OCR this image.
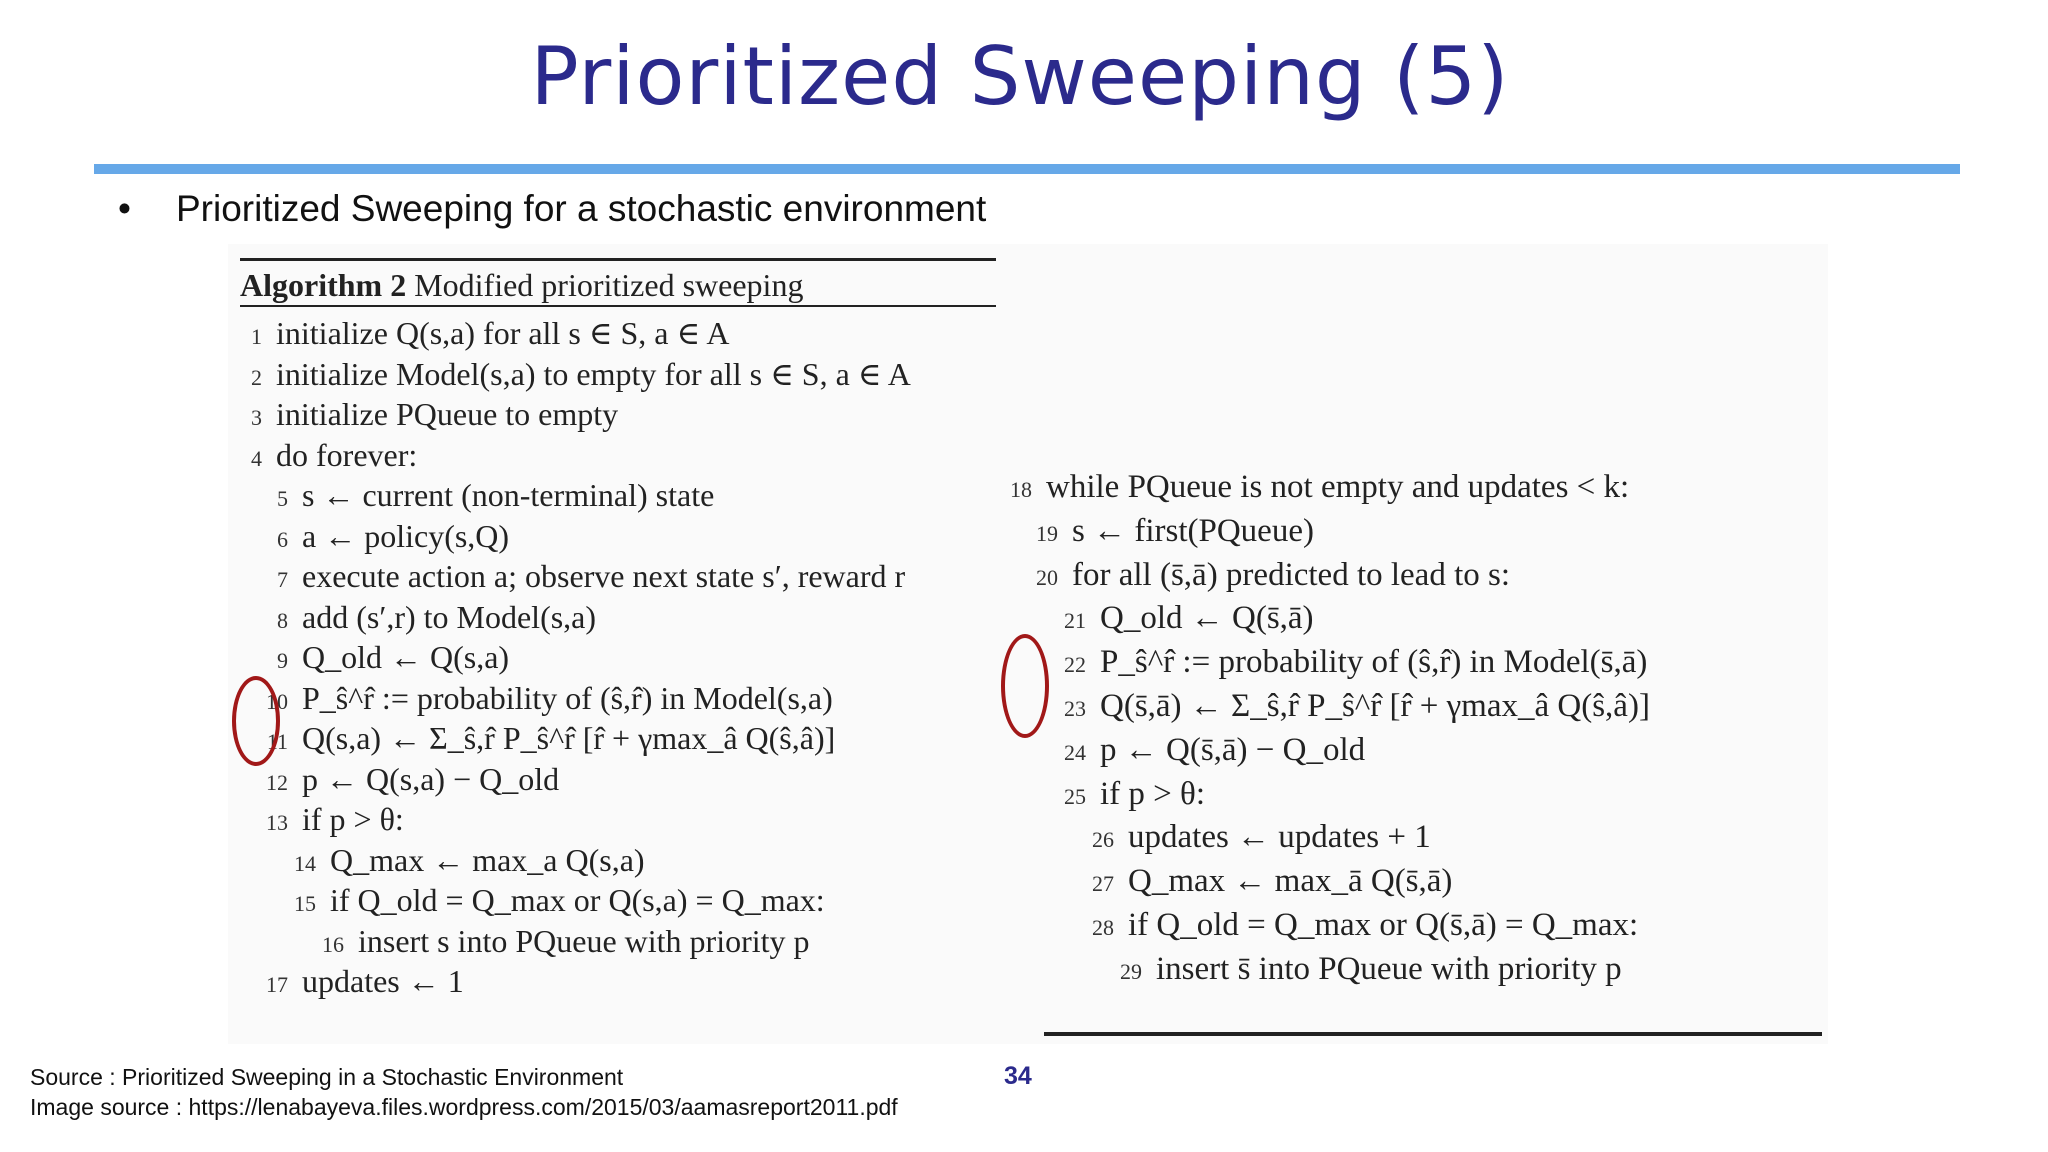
Prioritized Sweeping (5)
• Prioritized Sweeping for a stochastic environment
Algorithm 2 Modified prioritized sweeping
1 initialize Q(s,a) for all s ∈ S, a ∈ A
2 initialize Model(s,a) to empty for all s ∈ S, a ∈ A
3 initialize PQueue to empty
4 do forever:
5 s ← current (non-terminal) state
6 a ← policy(s,Q)
7 execute action a; observe next state s′, reward r
8 add (s′,r) to Model(s,a)
9 Q_old ← Q(s,a)
10 P_ŝ^r̂ := probability of (ŝ,r̂) in Model(s,a)
11 Q(s,a) ← Σ_ŝ,r̂ P_ŝ^r̂ [r̂ + γmax_â Q(ŝ,â)]
12 p ← Q(s,a) − Q_old
13 if p > θ:
14 Q_max ← max_a Q(s,a)
15 if Q_old = Q_max or Q(s,a) = Q_max:
16 insert s into PQueue with priority p
17 updates ← 1
18 while PQueue is not empty and updates < k:
19 s ← first(PQueue)
20 for all (s̄,ā) predicted to lead to s:
21 Q_old ← Q(s̄,ā)
22 P_ŝ^r̂ := probability of (ŝ,r̂) in Model(s̄,ā)
23 Q(s̄,ā) ← Σ_ŝ,r̂ P_ŝ^r̂ [r̂ + γmax_â Q(ŝ,â)]
24 p ← Q(s̄,ā) − Q_old
25 if p > θ:
26 updates ← updates + 1
27 Q_max ← max_ā Q(s̄,ā)
28 if Q_old = Q_max or Q(s̄,ā) = Q_max:
29 insert s̄ into PQueue with priority p
Source : Prioritized Sweeping in a Stochastic Environment
Image source : https://lenabayeva.files.wordpress.com/2015/03/aamasreport2011.pdf
34
